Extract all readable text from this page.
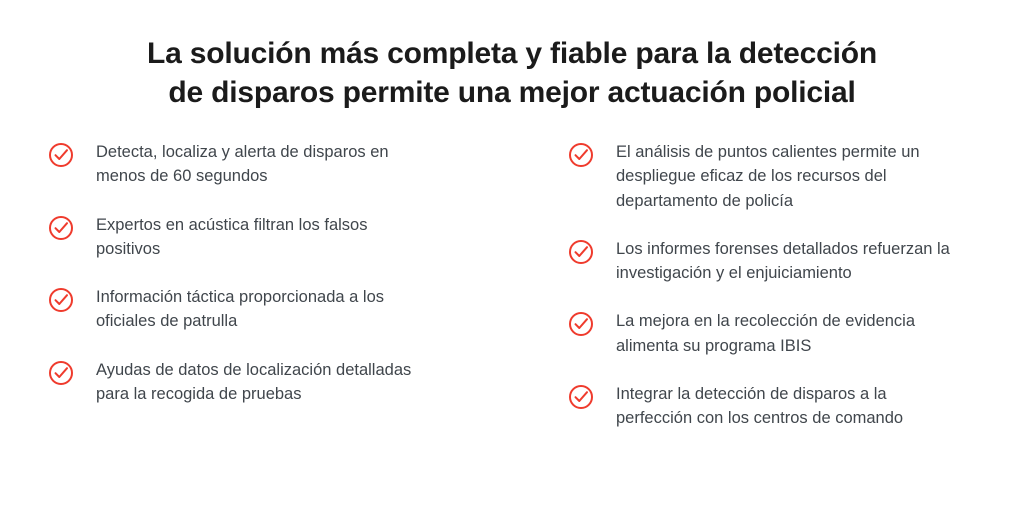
La solución más completa y fiable para la detección
de disparos permite una mejor actuación policial
Detecta, localiza y alerta de disparos en menos de 60 segundos
Expertos en acústica filtran los falsos positivos
Información táctica proporcionada a los oficiales de patrulla
Ayudas de datos de localización detalladas para la recogida de pruebas
El análisis de puntos calientes permite un despliegue eficaz de los recursos del departamento de policía
Los informes forenses detallados refuerzan la investigación y el enjuiciamiento
La mejora en la recolección de evidencia alimenta su programa IBIS
Integrar la detección de disparos a la perfección con los centros de comando
